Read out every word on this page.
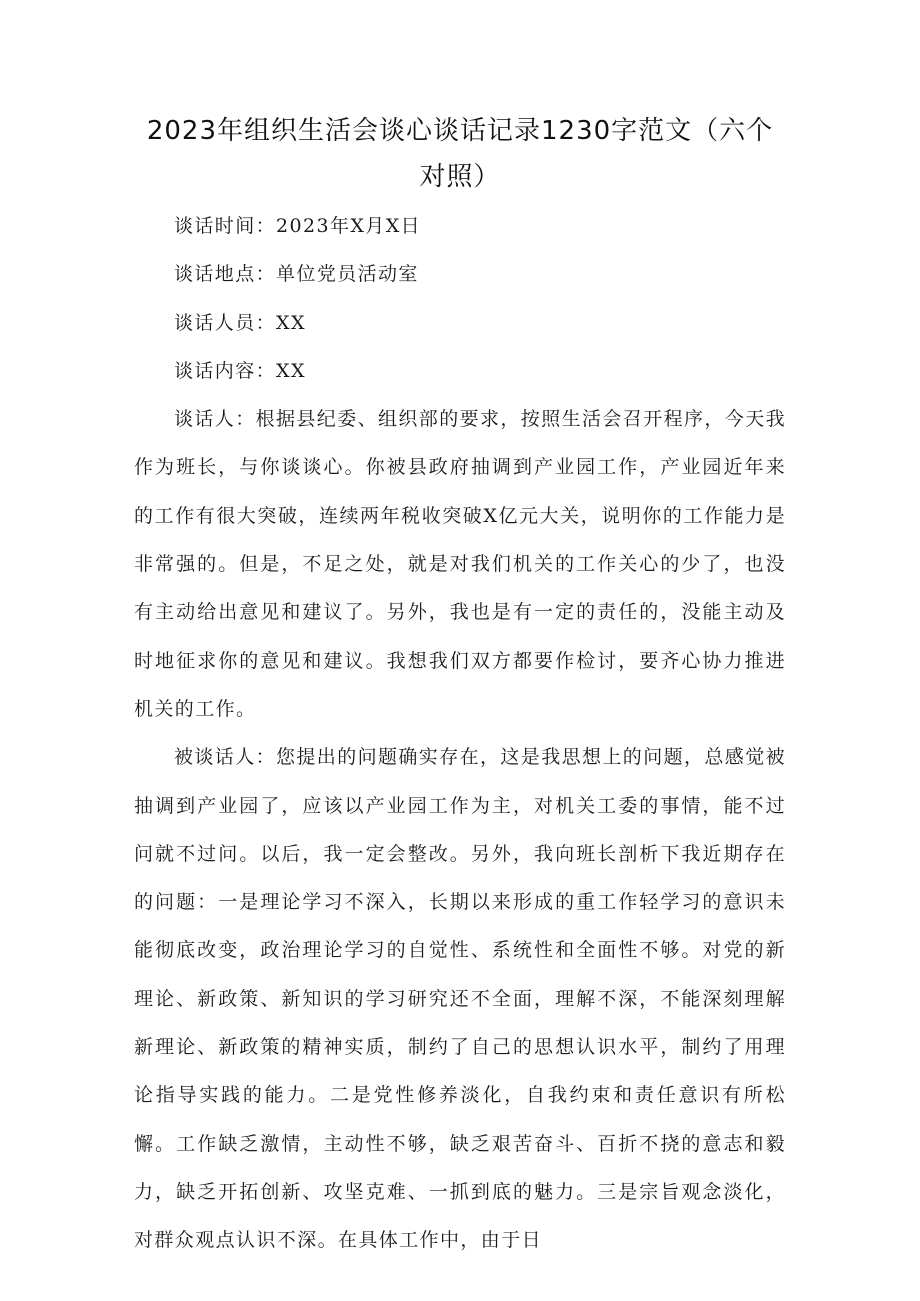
2023年组织生活会谈心谈话记录1230字范文（六个对照）

谈话时间：2023年X月X日

谈话地点：单位党员活动室

谈话人员：XX

谈话内容：XX

谈话人：根据县纪委、组织部的要求，按照生活会召开程序，今天我作为班长，与你谈谈心。你被县政府抽调到产业园工作，产业园近年来的工作有很大突破，连续两年税收突破X亿元大关，说明你的工作能力是非常强的。但是，不足之处，就是对我们机关的工作关心的少了，也没有主动给出意见和建议了。另外，我也是有一定的责任的，没能主动及时地征求你的意见和建议。我想我们双方都要作检讨，要齐心协力推进机关的工作。

被谈话人：您提出的问题确实存在，这是我思想上的问题，总感觉被抽调到产业园了，应该以产业园工作为主，对机关工委的事情，能不过问就不过问。以后，我一定会整改。另外，我向班长剖析下我近期存在的问题：一是理论学习不深入，长期以来形成的重工作轻学习的意识未能彻底改变，政治理论学习的自觉性、系统性和全面性不够。对党的新理论、新政策、新知识的学习研究还不全面，理解不深，不能深刻理解新理论、新政策的精神实质，制约了自己的思想认识水平，制约了用理论指导实践的能力。二是党性修养淡化，自我约束和责任意识有所松懈。工作缺乏激情，主动性不够，缺乏艰苦奋斗、百折不挠的意志和毅力，缺乏开拓创新、攻坚克难、一抓到底的魅力。三是宗旨观念淡化，对群众观点认识不深。在具体工作中，由于日
